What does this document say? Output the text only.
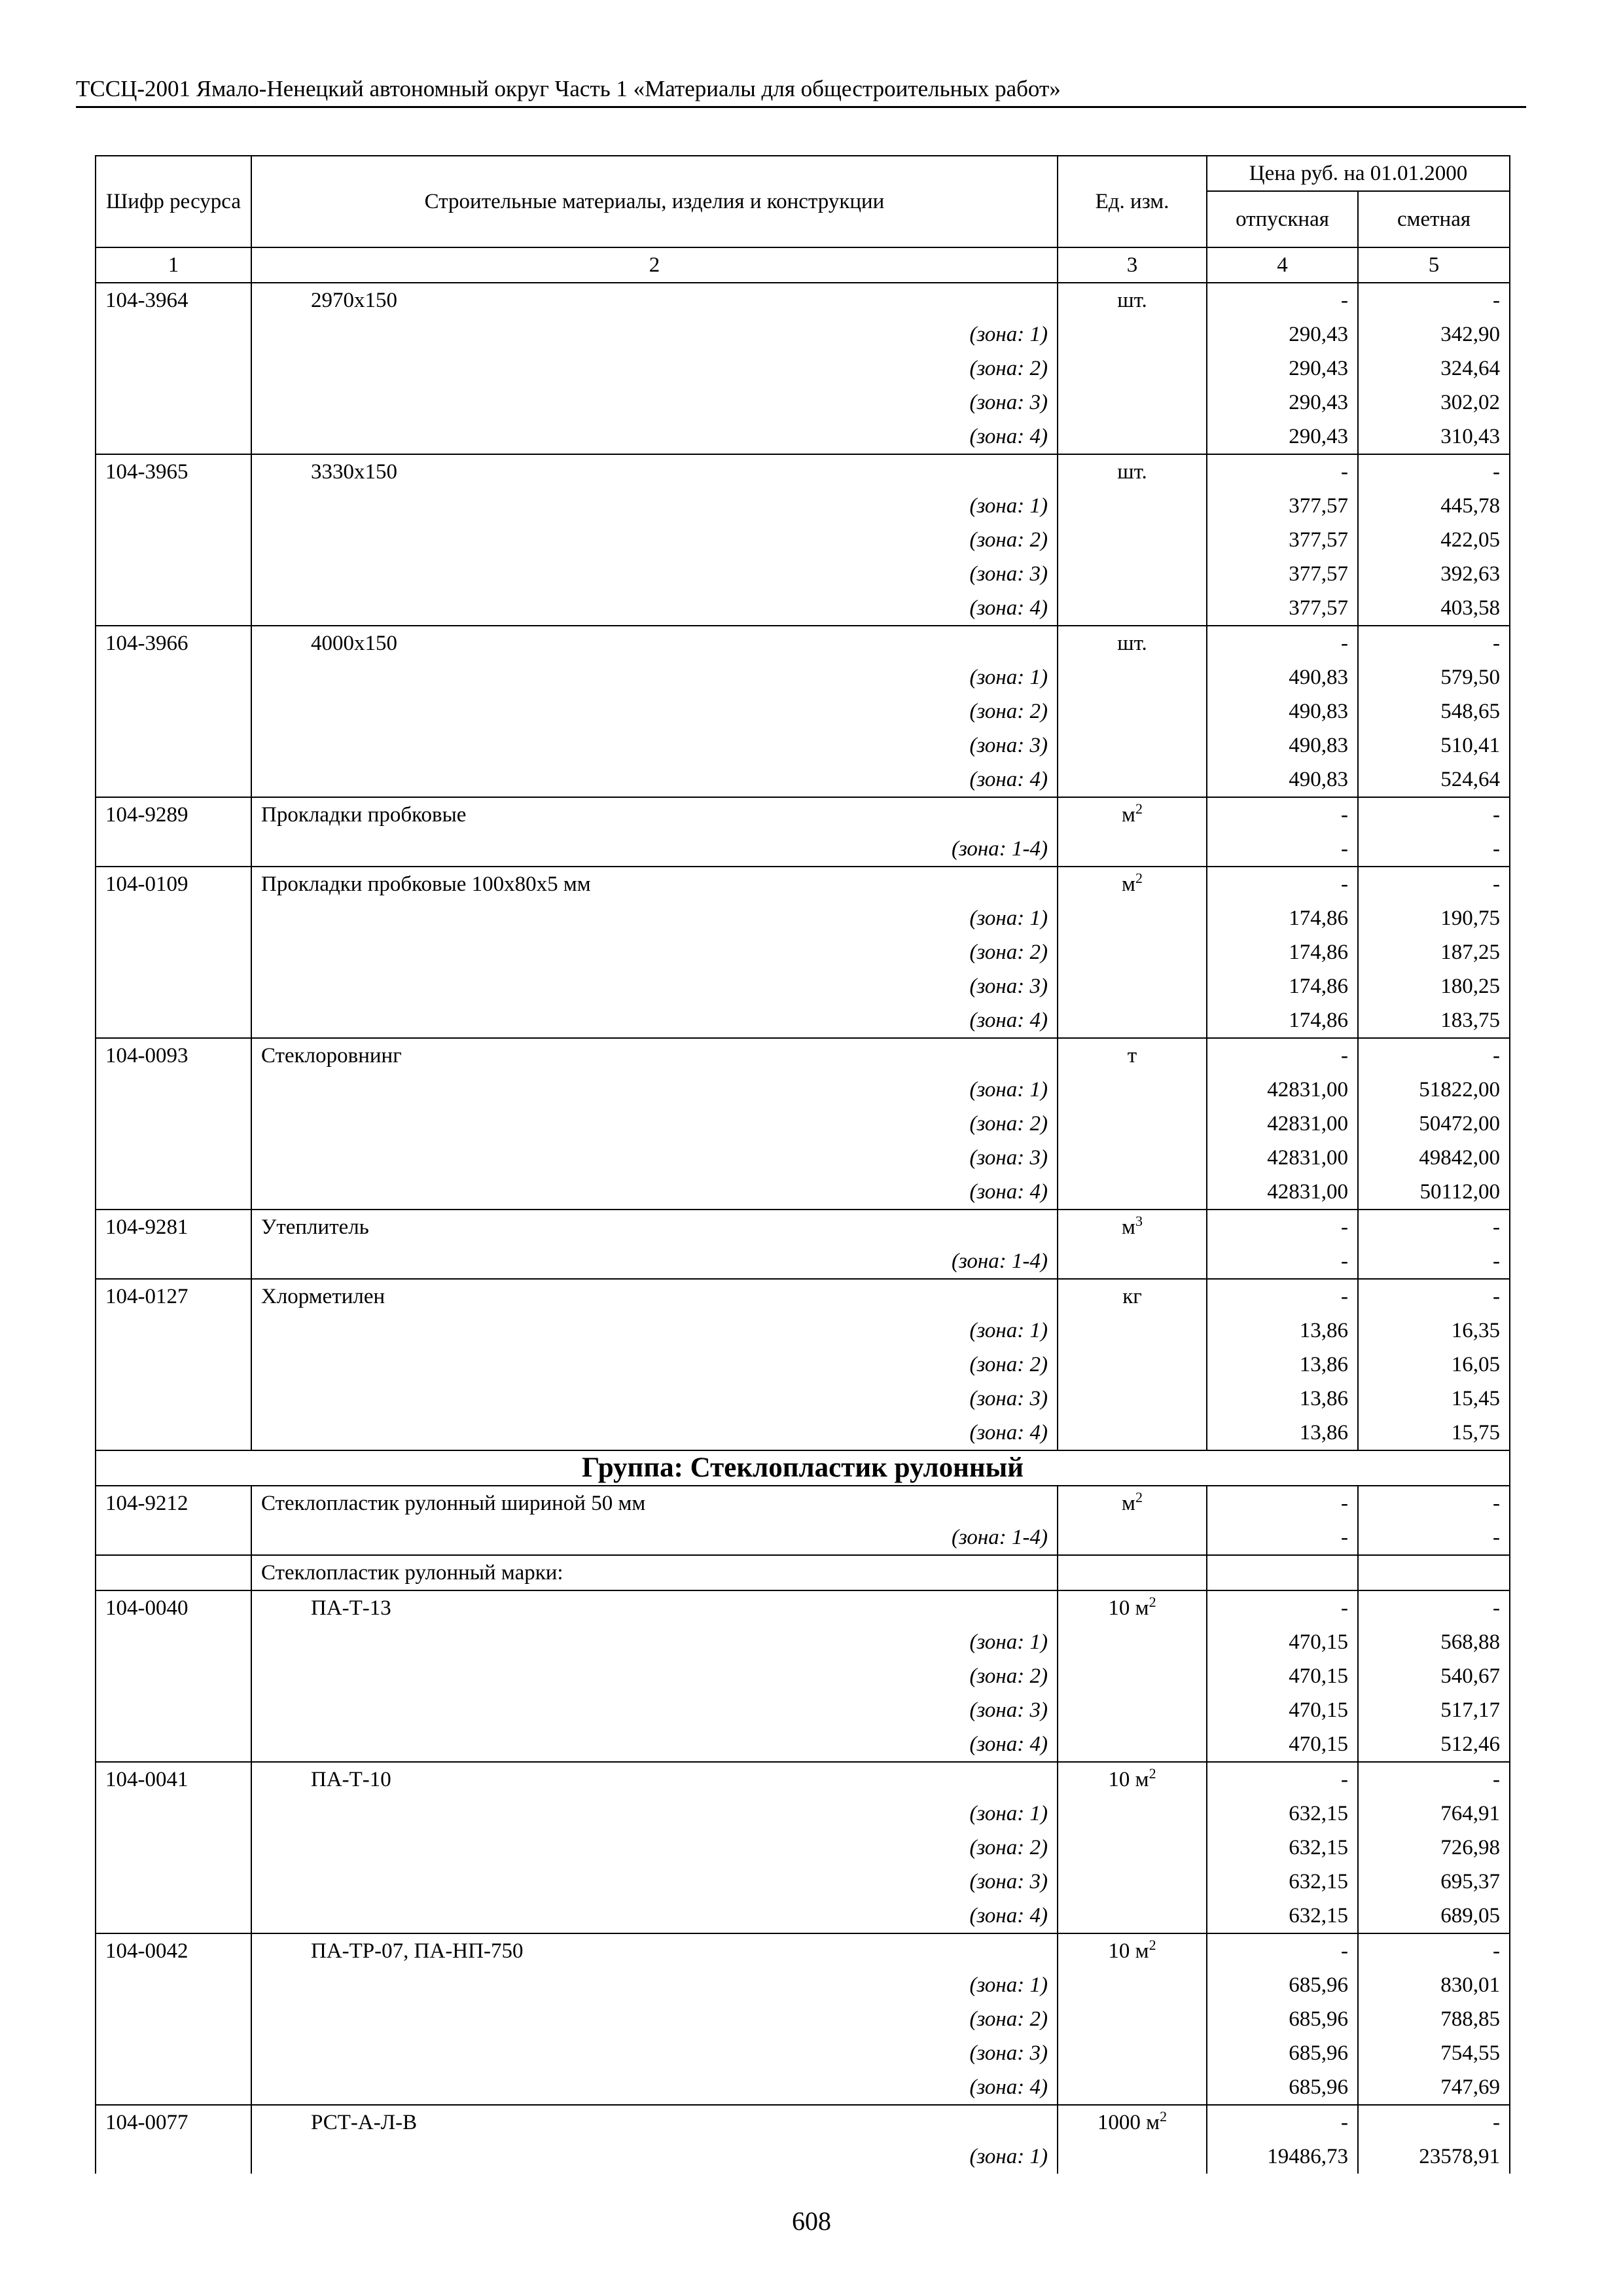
ТССЦ-2001 Ямало-Ненецкий автономный округ Часть 1 «Материалы для общестроительных работ»
Шифр ресурса	Строительные материалы, изделия и конструкции	Ед. изм.	Цена руб. на 01.01.2000	
			отпускная	сметная
1	2	3	4	5
104-3964	2970x150	шт.	-	-
	(зона: 1)		290,43	342,90
	(зона: 2)		290,43	324,64
	(зона: 3)		290,43	302,02
	(зона: 4)		290,43	310,43
104-3965	3330x150	шт.	-	-
	(зона: 1)		377,57	445,78
	(зона: 2)		377,57	422,05
	(зона: 3)		377,57	392,63
	(зона: 4)		377,57	403,58
104-3966	4000x150	шт.	-	-
	(зона: 1)		490,83	579,50
	(зона: 2)		490,83	548,65
	(зона: 3)		490,83	510,41
	(зона: 4)		490,83	524,64
104-9289	Прокладки пробковые	$м^2$	-	-
	(зона: 1-4)		-	-
104-0109	Прокладки пробковые 100x80x5 мм	$м^2$	-	-
	(зона: 1)		174,86	190,75
	(зона: 2)		174,86	187,25
	(зона: 3)		174,86	180,25
	(зона: 4)		174,86	183,75
104-0093	Стеклоровнинг	т	-	-
	(зона: 1)		42831,00	51822,00
	(зона: 2)		42831,00	50472,00
	(зона: 3)		42831,00	49842,00
	(зона: 4)		42831,00	50112,00
104-9281	Утеплитель	$м^3$	-	-
	(зона: 1-4)		-	-
104-0127	Хлорметилен	кг	-	-
	(зона: 1)		13,86	16,35
	(зона: 2)		13,86	16,05
	(зона: 3)		13,86	15,45
	(зона: 4)		13,86	15,75
Группа: Стеклопластик рулонный				
104-9212	Стеклопластик рулонный шириной 50 мм	$м^2$	-	-
	(зона: 1-4)		-	-
	Стеклопластик рулонный марки:			
104-0040	ПА-Т-13	10 $м^2$	-	-
	(зона: 1)		470,15	568,88
	(зона: 2)		470,15	540,67
	(зона: 3)		470,15	517,17
	(зона: 4)		470,15	512,46
104-0041	ПА-Т-10	10 $м^2$	-	-
	(зона: 1)		632,15	764,91
	(зона: 2)		632,15	726,98
	(зона: 3)		632,15	695,37
	(зона: 4)		632,15	689,05
104-0042	ПА-ТР-07, ПА-НП-750	10 $м^2$	-	-
	(зона: 1)		685,96	830,01
	(зона: 2)		685,96	788,85
	(зона: 3)		685,96	754,55
	(зона: 4)		685,96	747,69
104-0077	РСТ-А-Л-В	1000 $м^2$	-	-
	(зона: 1)		19486,73	23578,91
608
